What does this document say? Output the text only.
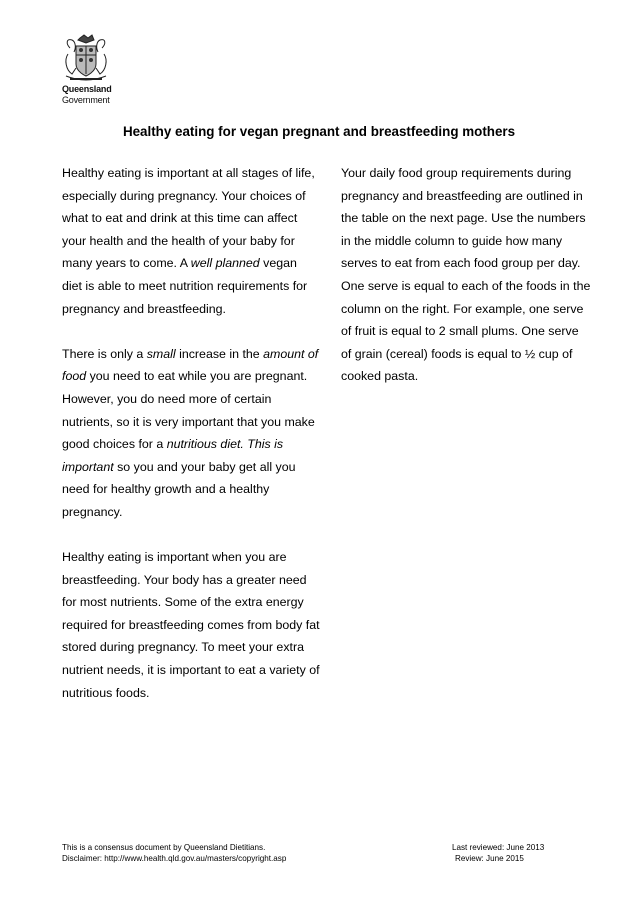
Queensland
Government
Healthy eating for vegan pregnant and breastfeeding mothers

Healthy eating is important at all stages of life, especially during pregnancy. Your choices of what to eat and drink at this time can affect your health and the health of your baby for many years to come. A well planned vegan diet is able to meet nutrition requirements for pregnancy and breastfeeding.

There is only a small increase in the amount of food you need to eat while you are pregnant. However, you do need more of certain nutrients, so it is very important that you make good choices for a nutritious diet. This is important so you and your baby get all you need for healthy growth and a healthy pregnancy.

Healthy eating is important when you are breastfeeding. Your body has a greater need for most nutrients. Some of the extra energy required for breastfeeding comes from body fat stored during pregnancy. To meet your extra nutrient needs, it is important to eat a variety of nutritious foods.

Your daily food group requirements during pregnancy and breastfeeding are outlined in the table on the next page. Use the numbers in the middle column to guide how many serves to eat from each food group per day. One serve is equal to each of the foods in the column on the right. For example, one serve of fruit is equal to 2 small plums. One serve of grain (cereal) foods is equal to ½ cup of cooked pasta.

This is a consensus document by Queensland Dietitians.
Disclaimer: http://www.health.qld.gov.au/masters/copyright.asp
Last reviewed: June 2013
Review: June 2015
